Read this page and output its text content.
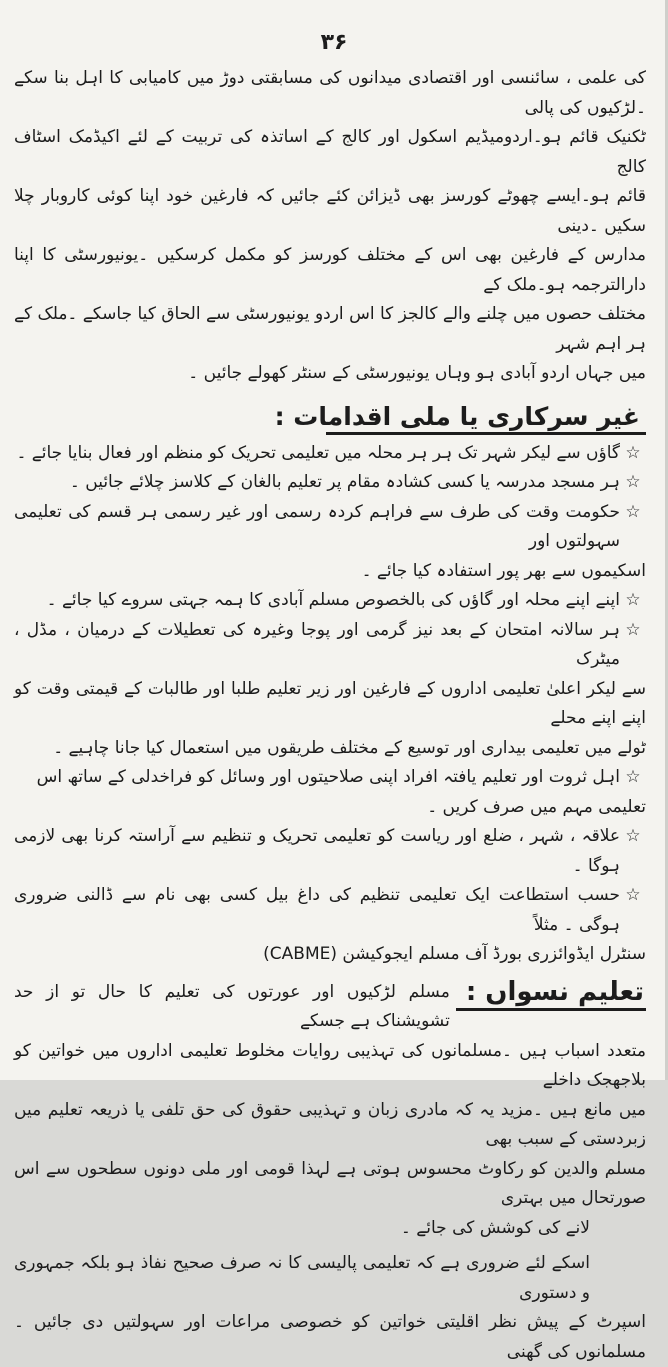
۳۶
کی علمی ، سائنسی اور اقتصادی میدانوں کی مسابقتی دوڑ میں کامیابی کا اہل بنا سکے ۔لڑکیوں کی پالی
ٹکنیک قائم ہو۔اردومیڈیم اسکول اور کالج کے اساتذہ کی تربیت کے لئے اکیڈمک اسٹاف کالج
قائم ہو۔ایسے چھوٹے کورسز بھی ڈیزائن کئے جائیں کہ فارغین خود اپنا کوئی کاروبار چلا سکیں ۔دینی
مدارس کے فارغین بھی اس کے مختلف کورسز کو مکمل کرسکیں ۔یونیورسٹی کا اپنا دارالترجمہ ہو۔ملک کے
مختلف حصوں میں چلنے والے کالجز کا اس اردو یونیورسٹی سے الحاق کیا جاسکے ۔ملک کے ہر اہم شہر
میں جہاں اردو آبادی ہو وہاں یونیورسٹی کے سنٹر کھولے جائیں ۔
غیر سرکاری یا ملی اقدامات :
☆
گاؤں سے لیکر شہر تک ہر ہر محلہ میں تعلیمی تحریک کو منظم اور فعال بنایا جائے ۔
☆
ہر مسجد مدرسہ یا کسی کشادہ مقام پر تعلیم بالغان کے کلاسز چلائے جائیں ۔
☆
حکومت وقت کی طرف سے فراہم کردہ رسمی اور غیر رسمی ہر قسم کی تعلیمی سہولتوں اور
اسکیموں سے بھر پور استفادہ کیا جائے ۔
☆
اپنے اپنے محلہ اور گاؤں کی بالخصوص مسلم آبادی کا ہمہ جہتی سروے کیا جائے ۔
☆
ہر سالانہ امتحان کے بعد نیز گرمی اور پوجا وغیرہ کی تعطیلات کے درمیان ، مڈل ، میٹرک
سے لیکر اعلیٰ تعلیمی اداروں کے فارغین اور زیر تعلیم طلبا اور طالبات کے قیمتی وقت کو اپنے اپنے محلے
ٹولے میں تعلیمی بیداری اور توسیع کے مختلف طریقوں میں استعمال کیا جانا چاہیے ۔
☆
اہل ثروت اور تعلیم یافتہ افراد اپنی صلاحیتوں اور وسائل کو فراخدلی کے ساتھ اس
تعلیمی مہم میں صرف کریں ۔
☆
علاقہ ، شہر ، ضلع اور ریاست کو تعلیمی تحریک و تنظیم سے آراستہ کرنا بھی لازمی ہوگا ۔
☆
حسب استطاعت ایک تعلیمی تنظیم کی داغ بیل کسی بھی نام سے ڈالنی ضروری ہوگی ۔ مثلاً
سنٹرل ایڈوائزری بورڈ آف مسلم ایجوکیشن (CABME)
تعلیم نسواں :
مسلم لڑکیوں اور عورتوں کی تعلیم کا حال تو از حد تشویشناک ہے جسکے
متعدد اسباب ہیں ۔مسلمانوں کی تہذیبی روایات مخلوط تعلیمی اداروں میں خواتین کو بلاجھجک داخلے
میں مانع ہیں ۔مزید یہ کہ مادری زبان و تہذیبی حقوق کی حق تلفی یا ذریعہ تعلیم میں زبردستی کے سبب بھی
مسلم والدین کو رکاوٹ محسوس ہوتی ہے لہذا قومی اور ملی دونوں سطحوں سے اس صورتحال میں بہتری
لانے کی کوشش کی جائے ۔
اسکے لئے ضروری ہے کہ تعلیمی پالیسی کا نہ صرف صحیح نفاذ ہو بلکہ جمہوری و دستوری
اسپرٹ کے پیش نظر اقلیتی خواتین کو خصوصی مراعات اور سہولتیں دی جائیں ۔مسلمانوں کی گھنی
